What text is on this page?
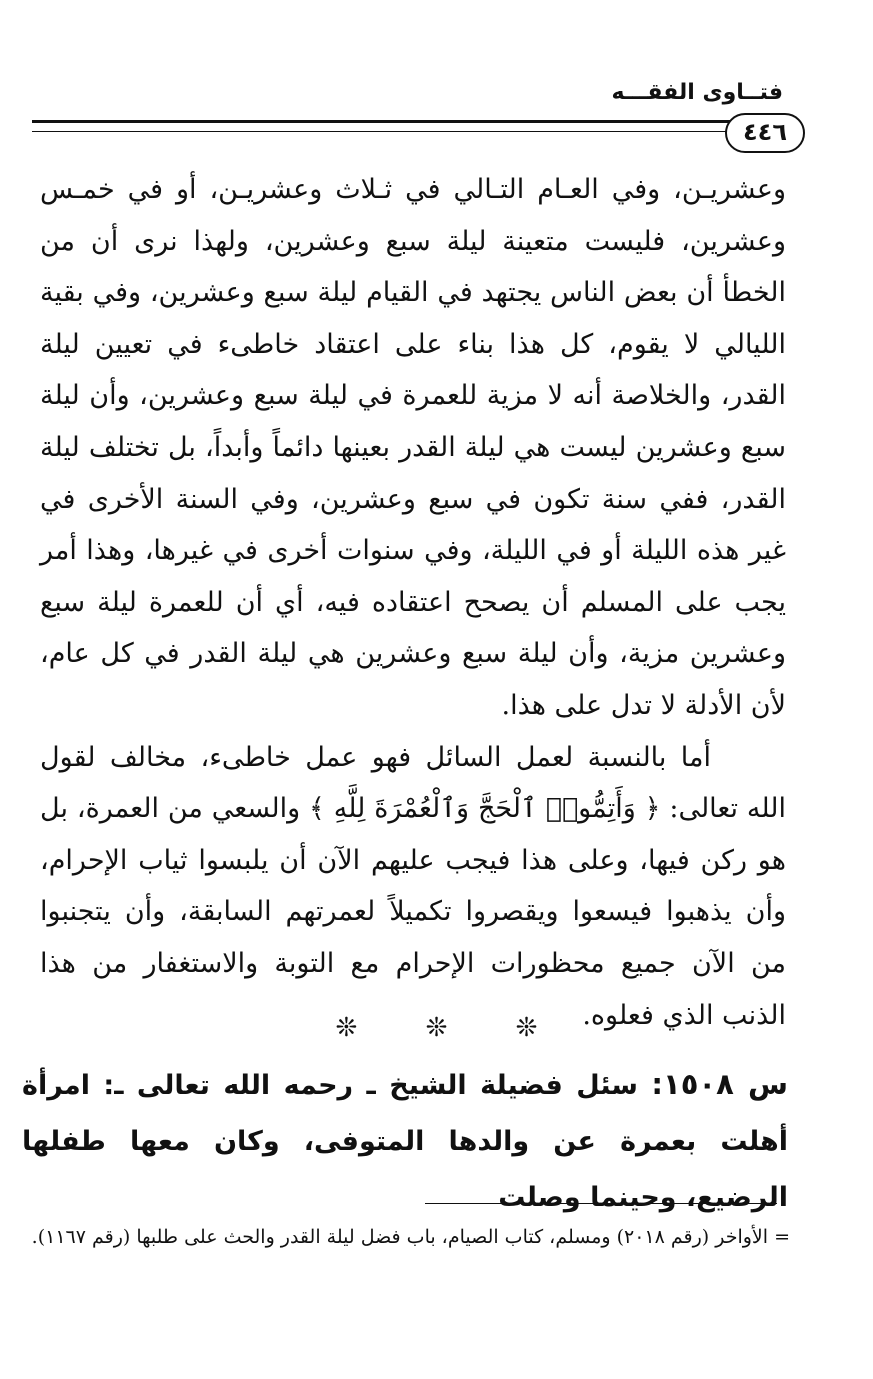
فتــاوى الفقـــه
٤٤٦

وعشريـن، وفي العـام التـالي في ثـلاث وعشريـن، أو في خمـس وعشرين، فليست متعينة ليلة سبع وعشرين، ولهذا نرى أن من الخطأ أن بعض الناس يجتهد في القيام ليلة سبع وعشرين، وفي بقية الليالي لا يقوم، كل هذا بناء على اعتقاد خاطىء في تعيين ليلة القدر، والخلاصة أنه لا مزية للعمرة في ليلة سبع وعشرين، وأن ليلة سبع وعشرين ليست هي ليلة القدر بعينها دائماً وأبداً، بل تختلف ليلة القدر، ففي سنة تكون في سبع وعشرين، وفي السنة الأخرى في غير هذه الليلة أو في الليلة، وفي سنوات أخرى في غيرها، وهذا أمر يجب على المسلم أن يصحح اعتقاده فيه، أي أن للعمرة ليلة سبع وعشرين مزية، وأن ليلة سبع وعشرين هي ليلة القدر في كل عام، لأن الأدلة لا تدل على هذا.

أما بالنسبة لعمل السائل فهو عمل خاطىء، مخالف لقول الله تعالى: ﴿ وَأَتِمُّوا۟ ٱلْحَجَّ وَٱلْعُمْرَةَ لِلَّهِ ﴾ والسعي من العمرة، بل هو ركن فيها، وعلى هذا فيجب عليهم الآن أن يلبسوا ثياب الإحرام، وأن يذهبوا فيسعوا ويقصروا تكميلاً لعمرتهم السابقة، وأن يتجنبوا من الآن جميع محظورات الإحرام مع التوبة والاستغفار من هذا الذنب الذي فعلوه.

❊ ❊ ❊
س ١٥٠٨: سئل فضيلة الشيخ ـ رحمه الله تعالى ـ: امرأة أهلت بعمرة عن والدها المتوفى، وكان معها طفلها الرضيع، وحينما وصلت
= الأواخر (رقم ٢٠١٨) ومسلم، كتاب الصيام، باب فضل ليلة القدر والحث على طلبها (رقم ١١٦٧).
